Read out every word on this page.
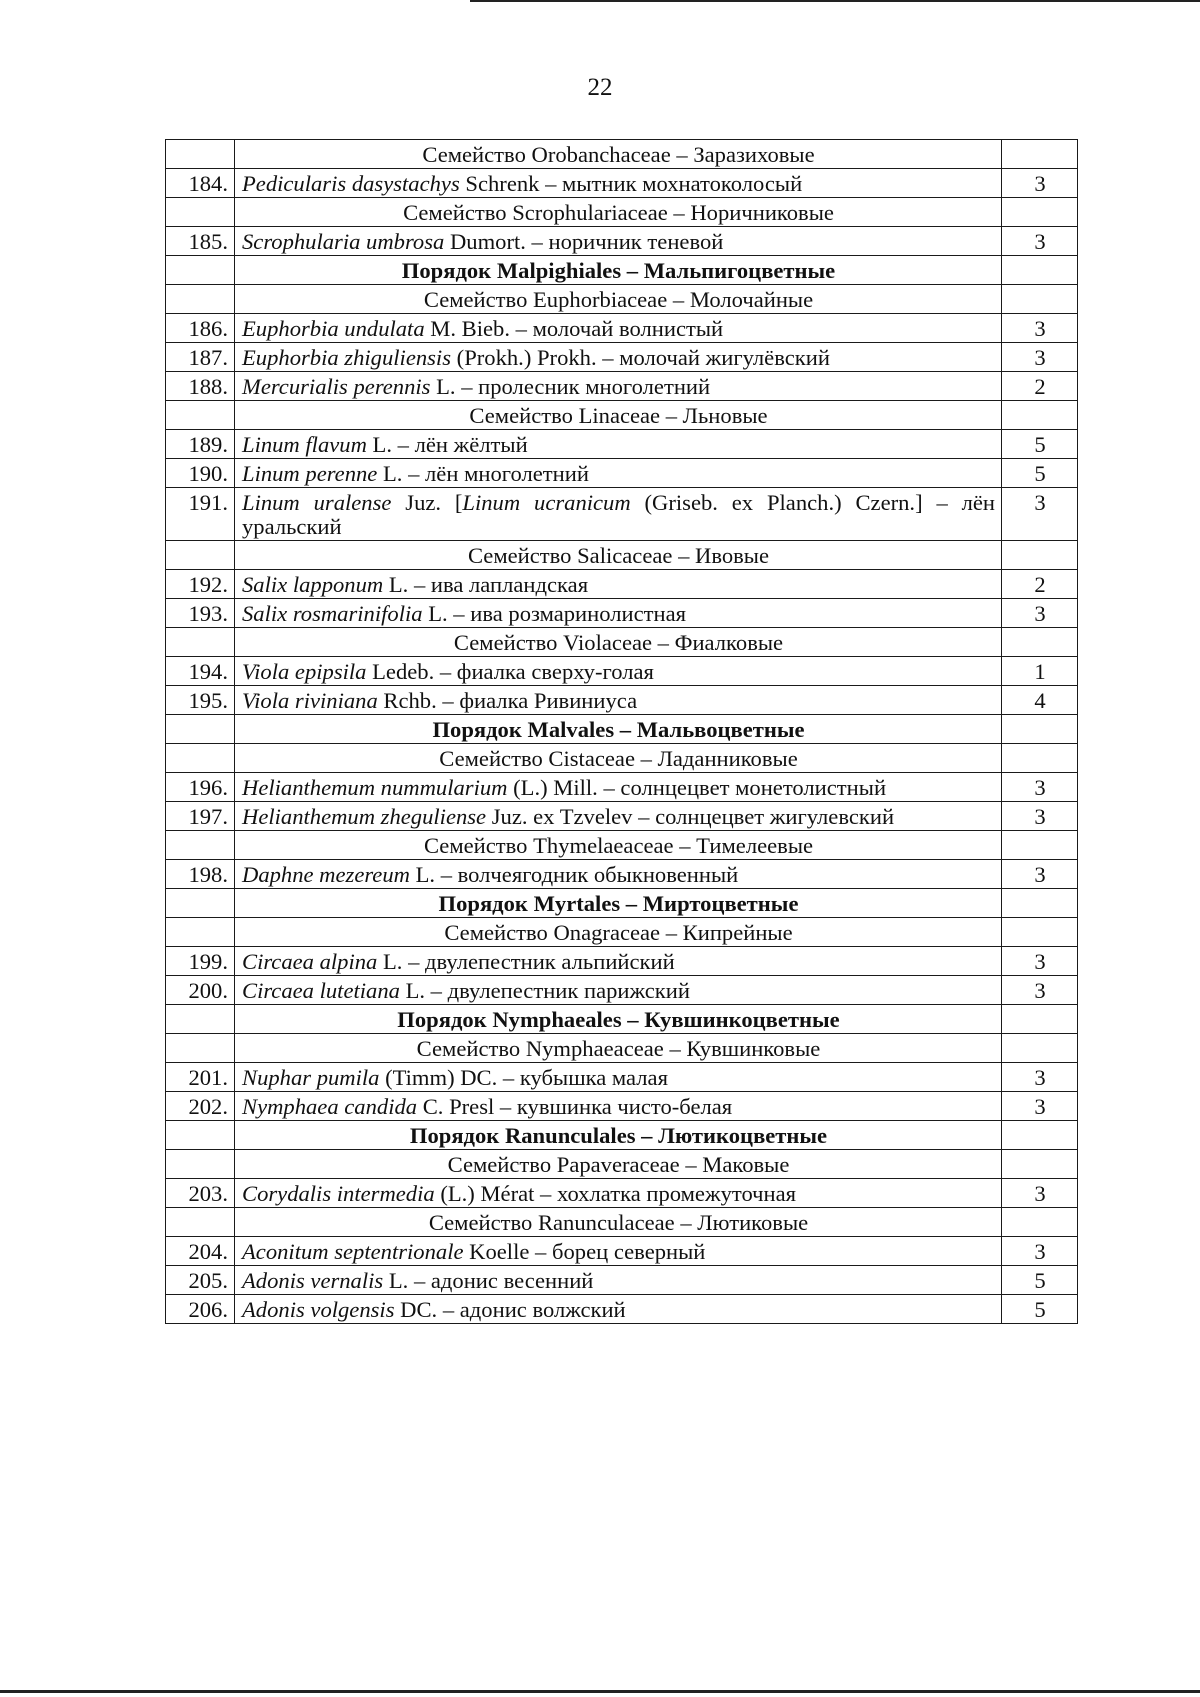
22
	Семейство Orobanchaceae – Заразиховые	
184.	Pedicularis dasystachys Schrenk – мытник мохнатоколосый	3
	Семейство Scrophulariaceae – Норичниковые	
185.	Scrophularia umbrosa Dumort. – норичник теневой	3
	Порядок Malpighiales – Мальпигоцветные	
	Семейство Euphorbiaceae – Молочайные	
186.	Euphorbia undulata M. Bieb. – молочай волнистый	3
187.	Euphorbia zhiguliensis (Prokh.) Prokh. – молочай жигулёвский	3
188.	Mercurialis perennis L. – пролесник многолетний	2
	Семейство Linaceae – Льновые	
189.	Linum flavum L. – лён жёлтый	5
190.	Linum perenne L. – лён многолетний	5
191.	Linum uralense Juz. [Linum ucranicum (Griseb. ex Planch.) Czern.] – лён уральский	3
	Семейство Salicaceae – Ивовые	
192.	Salix lapponum L. – ива лапландская	2
193.	Salix rosmarinifolia L. – ива розмаринолистная	3
	Семейство Violaceae – Фиалковые	
194.	Viola epipsila Ledeb. – фиалка сверху-голая	1
195.	Viola riviniana Rchb. – фиалка Ривиниуса	4
	Порядок Malvales – Мальвоцветные	
	Семейство Cistaceae – Ладанниковые	
196.	Helianthemum nummularium (L.) Mill. – солнцецвет монетолистный	3
197.	Helianthemum zheguliense Juz. ex Tzvelev – солнцецвет жигулевский	3
	Семейство Thymelaeaceae – Тимелеевые	
198.	Daphne mezereum L. – волчеягодник обыкновенный	3
	Порядок Myrtales – Миртоцветные	
	Семейство Onagraceae – Кипрейные	
199.	Circaea alpina L. – двулепестник альпийский	3
200.	Circaea lutetiana L. – двулепестник парижский	3
	Порядок Nymphaeales – Кувшинкоцветные	
	Семейство Nymphaeaceae – Кувшинковые	
201.	Nuphar pumila (Timm) DC. – кубышка малая	3
202.	Nymphaea candida C. Presl – кувшинка чисто-белая	3
	Порядок Ranunculales – Лютикоцветные	
	Семейство Papaveraceae – Маковые	
203.	Corydalis intermedia (L.) Mérat – хохлатка промежуточная	3
	Семейство Ranunculaceae – Лютиковые	
204.	Aconitum septentrionale Koelle – борец северный	3
205.	Adonis vernalis L. – адонис весенний	5
206.	Adonis volgensis DC. – адонис волжский	5
